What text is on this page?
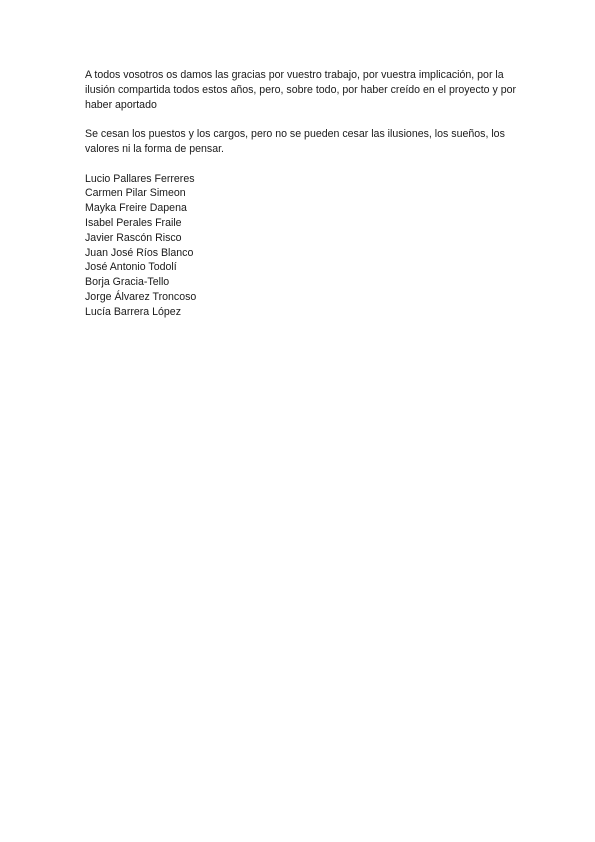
A todos vosotros os damos las gracias por vuestro trabajo, por vuestra implicación, por la ilusión compartida todos estos años, pero, sobre todo, por haber creído en el proyecto y por haber aportado

Se cesan los puestos y los cargos, pero no se pueden cesar las ilusiones, los sueños, los valores ni la forma de pensar.

Lucio Pallares Ferreres
Carmen Pilar Simeon
Mayka Freire Dapena
Isabel Perales Fraile
Javier Rascón Risco
Juan José Ríos Blanco
José Antonio Todolí
Borja Gracia-Tello
Jorge Álvarez Troncoso
Lucía Barrera López
